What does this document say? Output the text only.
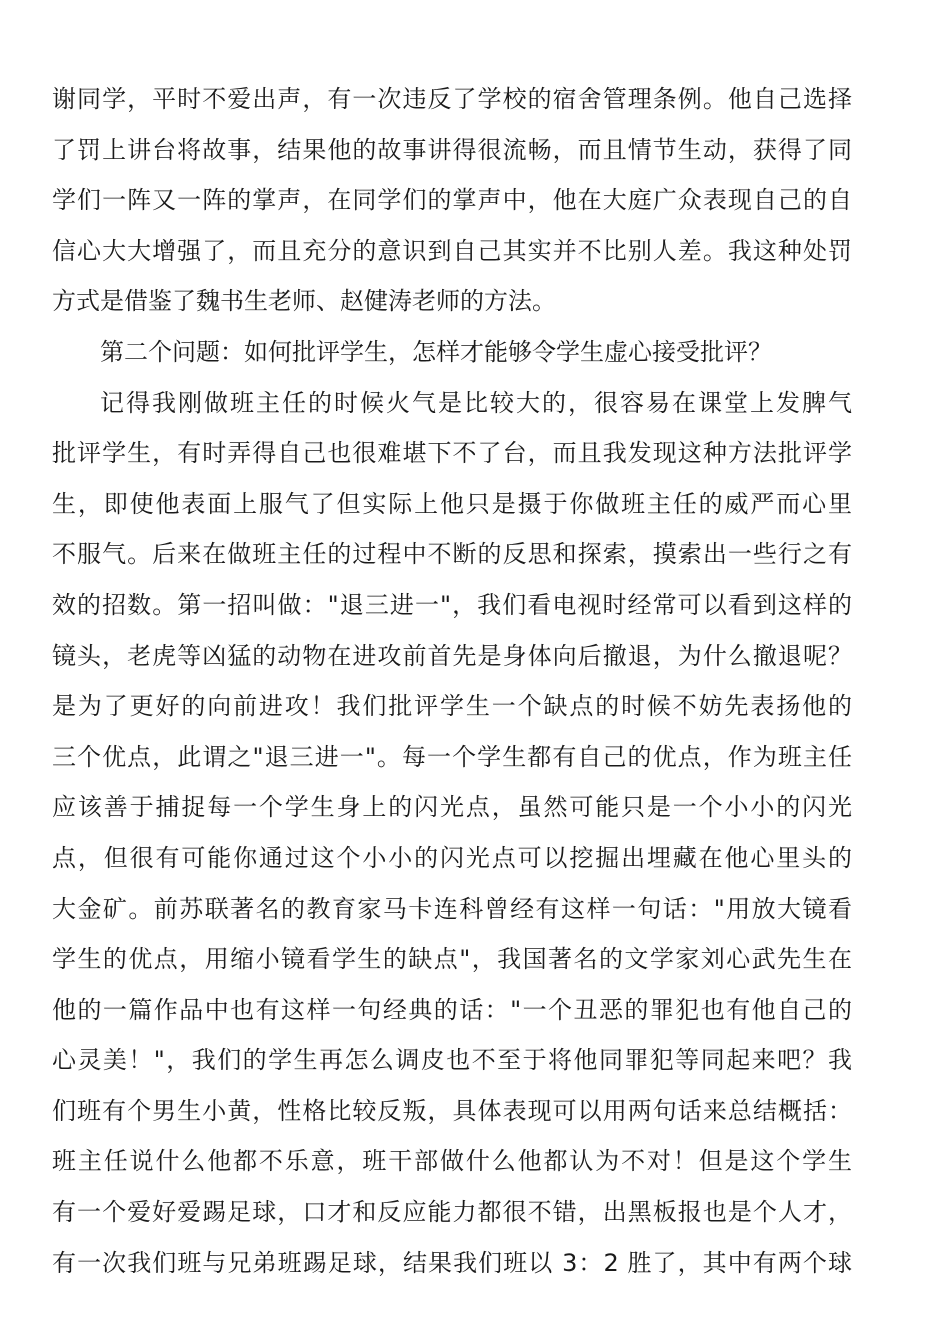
谢同学，平时不爱出声，有一次违反了学校的宿舍管理条例。他自己选择
了罚上讲台将故事，结果他的故事讲得很流畅，而且情节生动，获得了同
学们一阵又一阵的掌声，在同学们的掌声中，他在大庭广众表现自己的自
信心大大增强了，而且充分的意识到自己其实并不比别人差。我这种处罚
方式是借鉴了魏书生老师、赵健涛老师的方法。
第二个问题：如何批评学生，怎样才能够令学生虚心接受批评？
记得我刚做班主任的时候火气是比较大的，很容易在课堂上发脾气
批评学生，有时弄得自己也很难堪下不了台，而且我发现这种方法批评学
生，即使他表面上服气了但实际上他只是摄于你做班主任的威严而心里
不服气。后来在做班主任的过程中不断的反思和探索，摸索出一些行之有
效的招数。第一招叫做："退三进一"，我们看电视时经常可以看到这样的
镜头，老虎等凶猛的动物在进攻前首先是身体向后撤退，为什么撤退呢？
是为了更好的向前进攻！我们批评学生一个缺点的时候不妨先表扬他的
三个优点，此谓之"退三进一"。每一个学生都有自己的优点，作为班主任
应该善于捕捉每一个学生身上的闪光点，虽然可能只是一个小小的闪光
点，但很有可能你通过这个小小的闪光点可以挖掘出埋藏在他心里头的
大金矿。前苏联著名的教育家马卡连科曾经有这样一句话："用放大镜看
学生的优点，用缩小镜看学生的缺点"，我国著名的文学家刘心武先生在
他的一篇作品中也有这样一句经典的话："一个丑恶的罪犯也有他自己的
心灵美！"，我们的学生再怎么调皮也不至于将他同罪犯等同起来吧？我
们班有个男生小黄，性格比较反叛，具体表现可以用两句话来总结概括：
班主任说什么他都不乐意，班干部做什么他都认为不对！但是这个学生
有一个爱好爱踢足球，口才和反应能力都很不错，出黑板报也是个人才，
有一次我们班与兄弟班踢足球，结果我们班以 3：2 胜了，其中有两个球
